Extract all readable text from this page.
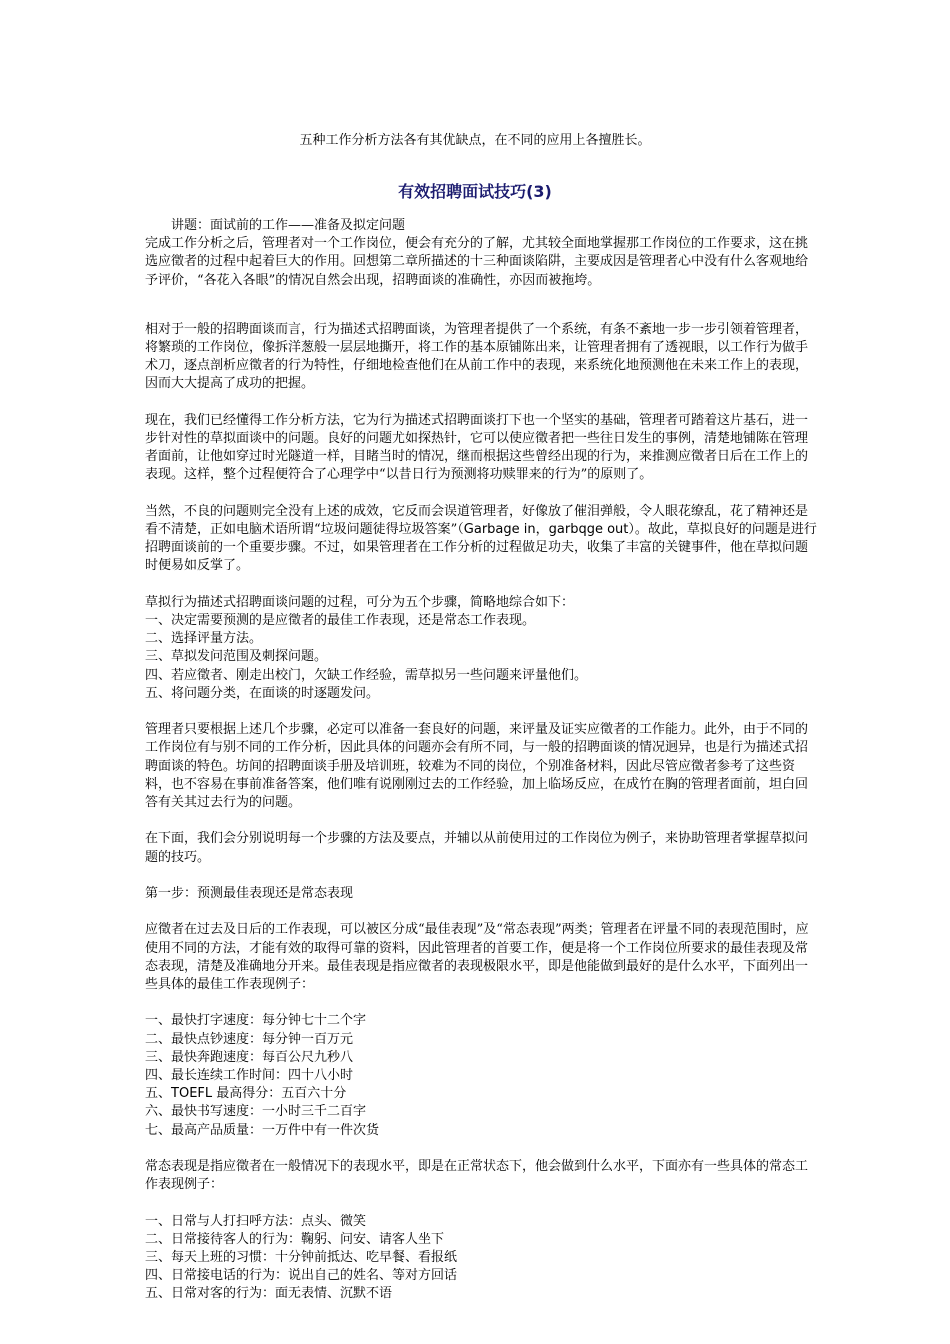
五种工作分析方法各有其优缺点，在不同的应用上各擅胜长。
有效招聘面试技巧(3)

讲题：面试前的工作——准备及拟定问题

完成工作分析之后，管理者对一个工作岗位，便会有充分的了解，尤其较全面地掌握那工作岗位的工作要求，这在挑选应徵者的过程中起着巨大的作用。回想第二章所描述的十三种面谈陷阱，主要成因是管理者心中没有什么客观地给予评价，“各花入各眼”的情况自然会出现，招聘面谈的准确性，亦因而被拖垮。

相对于一般的招聘面谈而言，行为描述式招聘面谈，为管理者提供了一个系统，有条不紊地一步一步引领着管理者，将繁琐的工作岗位，像拆洋葱般一层层地撕开，将工作的基本原铺陈出来，让管理者拥有了透视眼，以工作行为做手术刀，逐点剖析应徵者的行为特性，仔细地检查他们在从前工作中的表现，来系统化地预测他在未来工作上的表现，因而大大提高了成功的把握。

现在，我们已经懂得工作分析方法，它为行为描述式招聘面谈打下也一个坚实的基础，管理者可踏着这片基石，进一步针对性的草拟面谈中的问题。良好的问题尤如探热针，它可以使应徵者把一些往日发生的事例，清楚地铺陈在管理者面前，让他如穿过时光隧道一样，目睹当时的情况，继而根据这些曾经出现的行为，来推测应徵者日后在工作上的表现。这样，整个过程便符合了心理学中“以昔日行为预测将功赎罪来的行为”的原则了。

当然，不良的问题则完全没有上述的成效，它反而会误道管理者，好像放了催泪弹般，令人眼花缭乱，花了精神还是看不清楚，正如电脑术语所谓“垃圾问题徒得垃圾答案”（Garbage in，garbqge out）。故此，草拟良好的问题是进行招聘面谈前的一个重要步骤。不过，如果管理者在工作分析的过程做足功夫，收集了丰富的关键事件，他在草拟问题时便易如反掌了。

草拟行为描述式招聘面谈问题的过程，可分为五个步骤，简略地综合如下：

一、决定需要预测的是应徵者的最佳工作表现，还是常态工作表现。

二、选择评量方法。

三、草拟发问范围及刺探问题。

四、若应徵者、刚走出校门，欠缺工作经验，需草拟另一些问题来评量他们。

五、将问题分类，在面谈的时逐题发问。

管理者只要根据上述几个步骤，必定可以准备一套良好的问题，来评量及证实应徵者的工作能力。此外，由于不同的工作岗位有与别不同的工作分析，因此具体的问题亦会有所不同，与一般的招聘面谈的情况迥异，也是行为描述式招聘面谈的特色。坊间的招聘面谈手册及培训班，较难为不同的岗位，个别准备材料，因此尽管应徵者参考了这些资料，也不容易在事前准备答案，他们唯有说刚刚过去的工作经验，加上临场反应，在成竹在胸的管理者面前，坦白回答有关其过去行为的问题。

在下面，我们会分别说明每一个步骤的方法及要点，并辅以从前使用过的工作岗位为例子，来协助管理者掌握草拟问题的技巧。

第一步：预测最佳表现还是常态表现

应徵者在过去及日后的工作表现，可以被区分成“最佳表现”及“常态表现”两类；管理者在评量不同的表现范围时，应使用不同的方法，才能有效的取得可靠的资料，因此管理者的首要工作，便是将一个工作岗位所要求的最佳表现及常态表现，清楚及准确地分开来。最佳表现是指应徵者的表现极限水平，即是他能做到最好的是什么水平，下面列出一些具体的最佳工作表现例子：

一、最快打字速度：每分钟七十二个字

二、最快点钞速度：每分钟一百万元

三、最快奔跑速度：每百公尺九秒八

四、最长连续工作时间：四十八小时

五、TOEFL 最高得分：五百六十分

六、最快书写速度：一小时三千二百字

七、最高产品质量：一万件中有一件次货

常态表现是指应徵者在一般情况下的表现水平，即是在正常状态下，他会做到什么水平，下面亦有一些具体的常态工作表现例子：

一、日常与人打扫呼方法：点头、微笑

二、日常接待客人的行为：鞠躬、问安、请客人坐下

三、每天上班的习惯：十分钟前抵达、吃早餐、看报纸

四、日常接电话的行为：说出自己的姓名、等对方回话

五、日常对客的行为：面无表情、沉默不语
